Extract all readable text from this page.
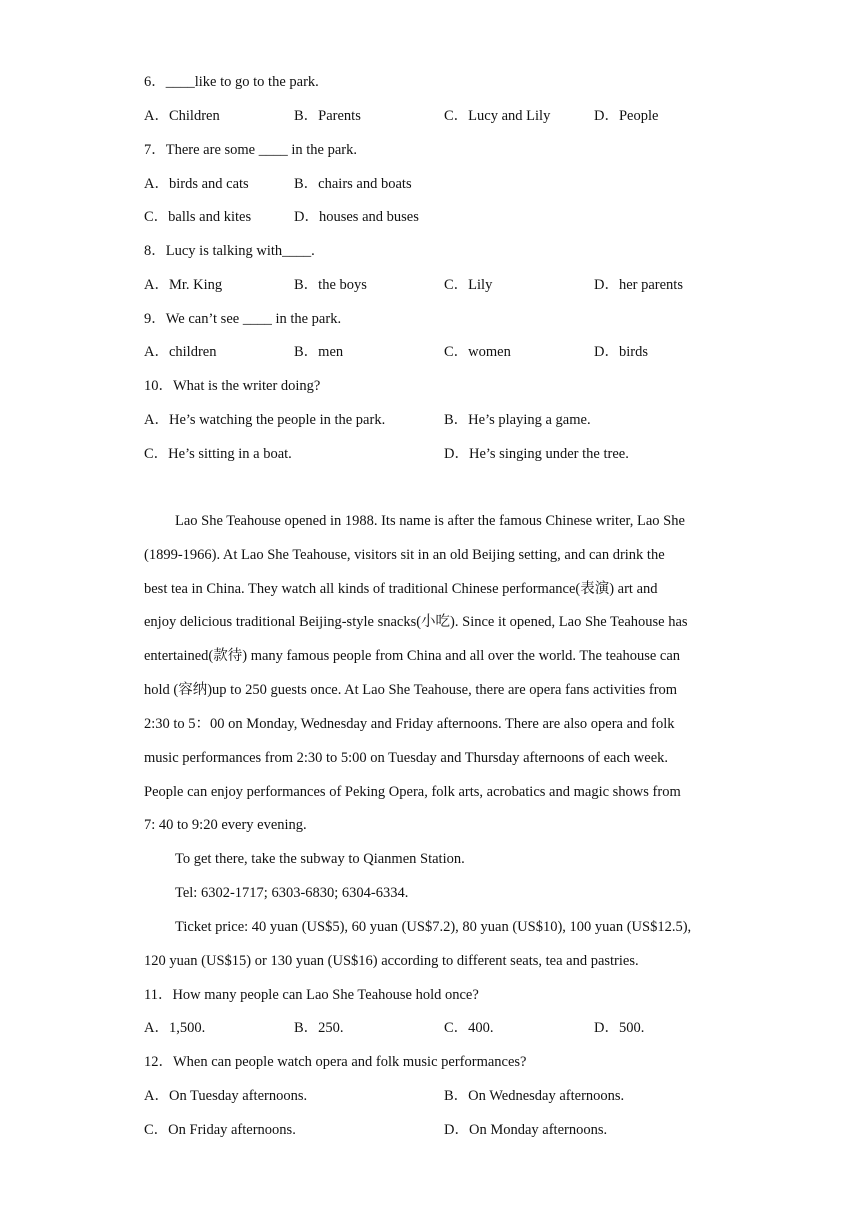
6．____like to go to the park.
A．Children	B．Parents	C．Lucy and Lily	D．People
7．There are some ____ in the park.
A．birds and cats	B．chairs and boats
C．balls and kites	D．houses and buses
8．Lucy is talking with____.
A．Mr. King	B．the boys	C．Lily	D．her parents
9．We can’t see ____ in the park.
A．children	B．men	C．women	D．birds
10．What is the writer doing?
A．He’s watching the people in the park.	B．He’s playing a game.
C．He’s sitting in a boat.	D．He’s singing under the tree.
Lao She Teahouse opened in 1988. Its name is after the famous Chinese writer, Lao She
(1899-1966). At Lao She Teahouse, visitors sit in an old Beijing setting, and can drink the
best tea in China. They watch all kinds of traditional Chinese performance(表演) art and
enjoy delicious traditional Beijing-style snacks(小吃). Since it opened, Lao She Teahouse has
entertained(款待) many famous people from China and all over the world. The teahouse can
hold (容纳)up to 250 guests once. At Lao She Teahouse, there are opera fans activities from
2:30 to 5：00 on Monday, Wednesday and Friday afternoons. There are also opera and folk
music performances from 2:30 to 5:00 on Tuesday and Thursday afternoons of each week.
People can enjoy performances of Peking Opera, folk arts, acrobatics and magic shows from
7: 40 to 9:20 every evening.
To get there, take the subway to Qianmen Station.
Tel: 6302-1717; 6303-6830; 6304-6334.
Ticket price: 40 yuan (US$5), 60 yuan (US$7.2), 80 yuan (US$10), 100 yuan (US$12.5),
120 yuan (US$15) or 130 yuan (US$16) according to different seats, tea and pastries.
11．How many people can Lao She Teahouse hold once?
A．1,500.	B．250.	C．400.	D．500.
12．When can people watch opera and folk music performances?
A．On Tuesday afternoons.	B．On Wednesday afternoons.
C．On Friday afternoons.	D．On Monday afternoons.
